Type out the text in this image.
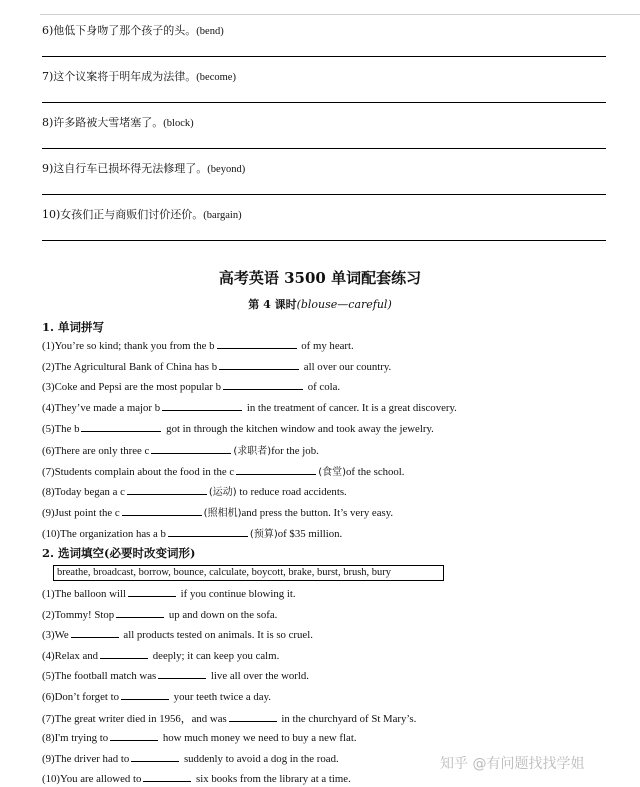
6)他低下身吻了那个孩子的头。(bend)
7)这个议案将于明年成为法律。(become)
8)许多路被大雪堵塞了。(block)
9)这自行车已损坏得无法修理了。(beyond)
10)女孩们正与商贩们讨价还价。(bargain)
高考英语 3500 单词配套练习
第 4 课时(blouse—careful)
1. 单词拼写
(1)You’re so kind; thank you from the b	of my heart.
(2)The Agricultural Bank of China has b	all over our country.
(3)Coke and Pepsi are the most popular b	of cola.
(4)They’ve made a major b	in the treatment of cancer. It is a great discovery.
(5)The b	got in through the kitchen window and took away the jewelry.
(6)There are only three c	(求职者)for the job.
(7)Students complain about the food in the c	(食堂)of the school.
(8)Today began a c	(运动) to reduce road accidents.
(9)Just point the c	(照相机)and press the button. It’s very easy.
(10)The organization has a b	(预算)of $35 million.
2. 选词填空(必要时改变词形)
breathe, broadcast, borrow, bounce, calculate, boycott, brake, burst, brush, bury
(1)The balloon will	if you continue blowing it.
(2)Tommy! Stop	up and down on the sofa.
(3)We	all products tested on animals. It is so cruel.
(4)Relax and	deeply; it can keep you calm.
(5)The football match was	live all over the world.
(6)Don’t forget to	your teeth twice a day.
(7)The great writer died in 1956，and was	in the churchyard of St Mary’s.
(8)I'm trying to	how much money we need to buy a new flat.
(9)The driver had to	suddenly to avoid a dog in the road.
(10)You are allowed to	six books from the library at a time.
知乎 @有问题找找学姐
